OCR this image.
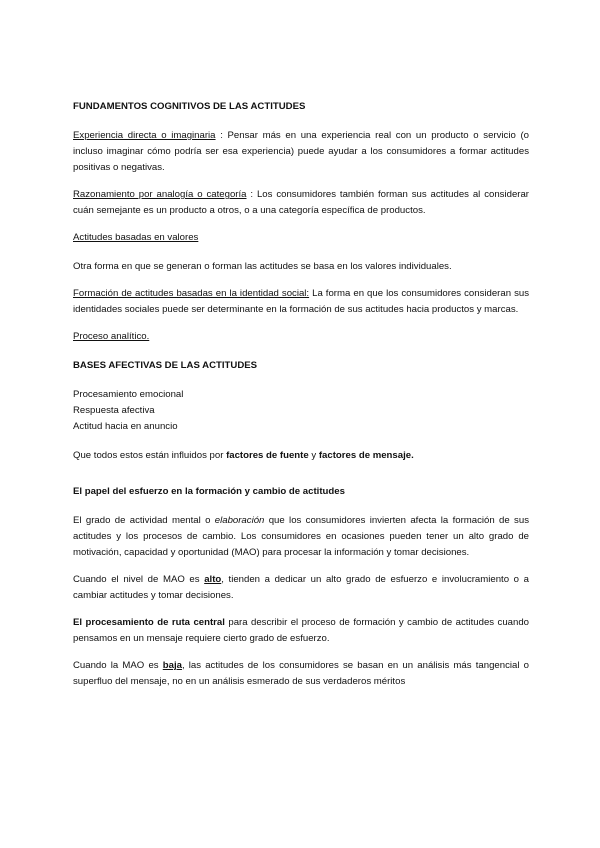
FUNDAMENTOS COGNITIVOS DE LAS ACTITUDES

Experiencia directa o imaginaria : Pensar más en una experiencia real con un producto o servicio (o incluso imaginar cómo podría ser esa experiencia) puede ayudar a los consumidores a formar actitudes positivas o negativas.

Razonamiento por analogía o categoría : Los consumidores también forman sus actitudes al considerar cuán semejante es un producto a otros, o a una categoría específica de productos.

Actitudes basadas en valores

Otra forma en que se generan o forman las actitudes se basa en los valores individuales.

Formación de actitudes basadas en la identidad social: La forma en que los consumidores consideran sus identidades sociales puede ser determinante en la formación de sus actitudes hacia productos y marcas.

Proceso analítico.

BASES AFECTIVAS DE LAS ACTITUDES

Procesamiento emocional

Respuesta afectiva

Actitud hacia en anuncio

Que todos estos están influidos por factores de fuente y factores de mensaje.

El papel del esfuerzo en la formación y cambio de actitudes

El grado de actividad mental o elaboración que los consumidores invierten afecta la formación de sus actitudes y los procesos de cambio. Los consumidores en ocasiones pueden tener un alto grado de motivación, capacidad y oportunidad (MAO) para procesar la información y tomar decisiones.

Cuando el nivel de MAO es alto, tienden a dedicar un alto grado de esfuerzo e involucramiento o a cambiar actitudes y tomar decisiones.

El procesamiento de ruta central para describir el proceso de formación y cambio de actitudes cuando pensamos en un mensaje requiere cierto grado de esfuerzo.

Cuando la MAO es baja, las actitudes de los consumidores se basan en un análisis más tangencial o superfluo del mensaje, no en un análisis esmerado de sus verdaderos méritos
